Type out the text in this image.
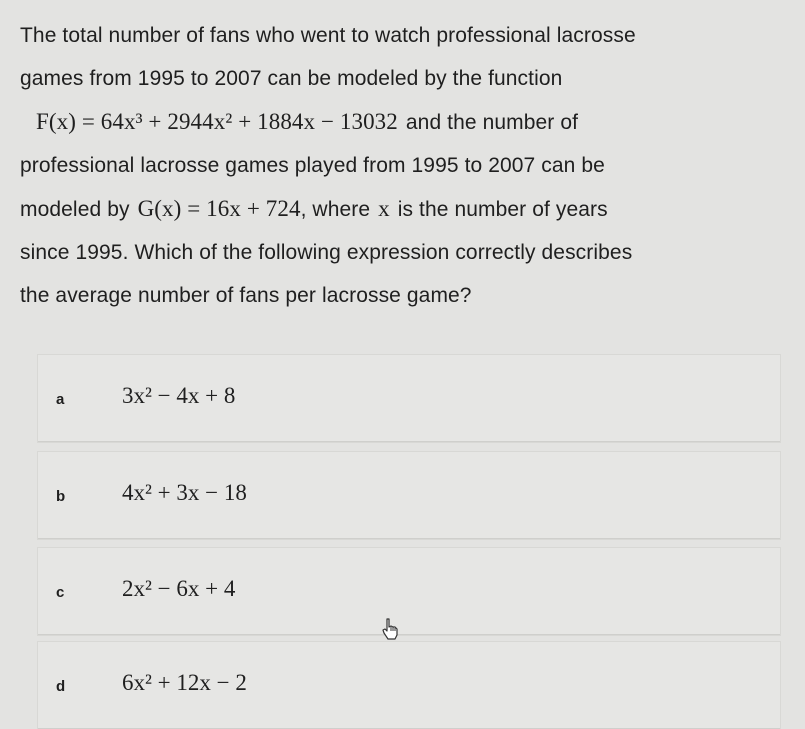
The total number of fans who went to watch professional lacrosse
games from 1995 to 2007 can be modeled by the function
F(x) = 64x³ + 2944x² + 1884x − 13032 and the number of
professional lacrosse games played from 1995 to 2007 can be
modeled by G(x) = 16x + 724, where x is the number of years
since 1995. Which of the following expression correctly describes
the average number of fans per lacrosse game?
a	3x² − 4x + 8
b 4x² + 3x − 18
c	2x² − 6x + 4
d 6x² + 12x − 2
